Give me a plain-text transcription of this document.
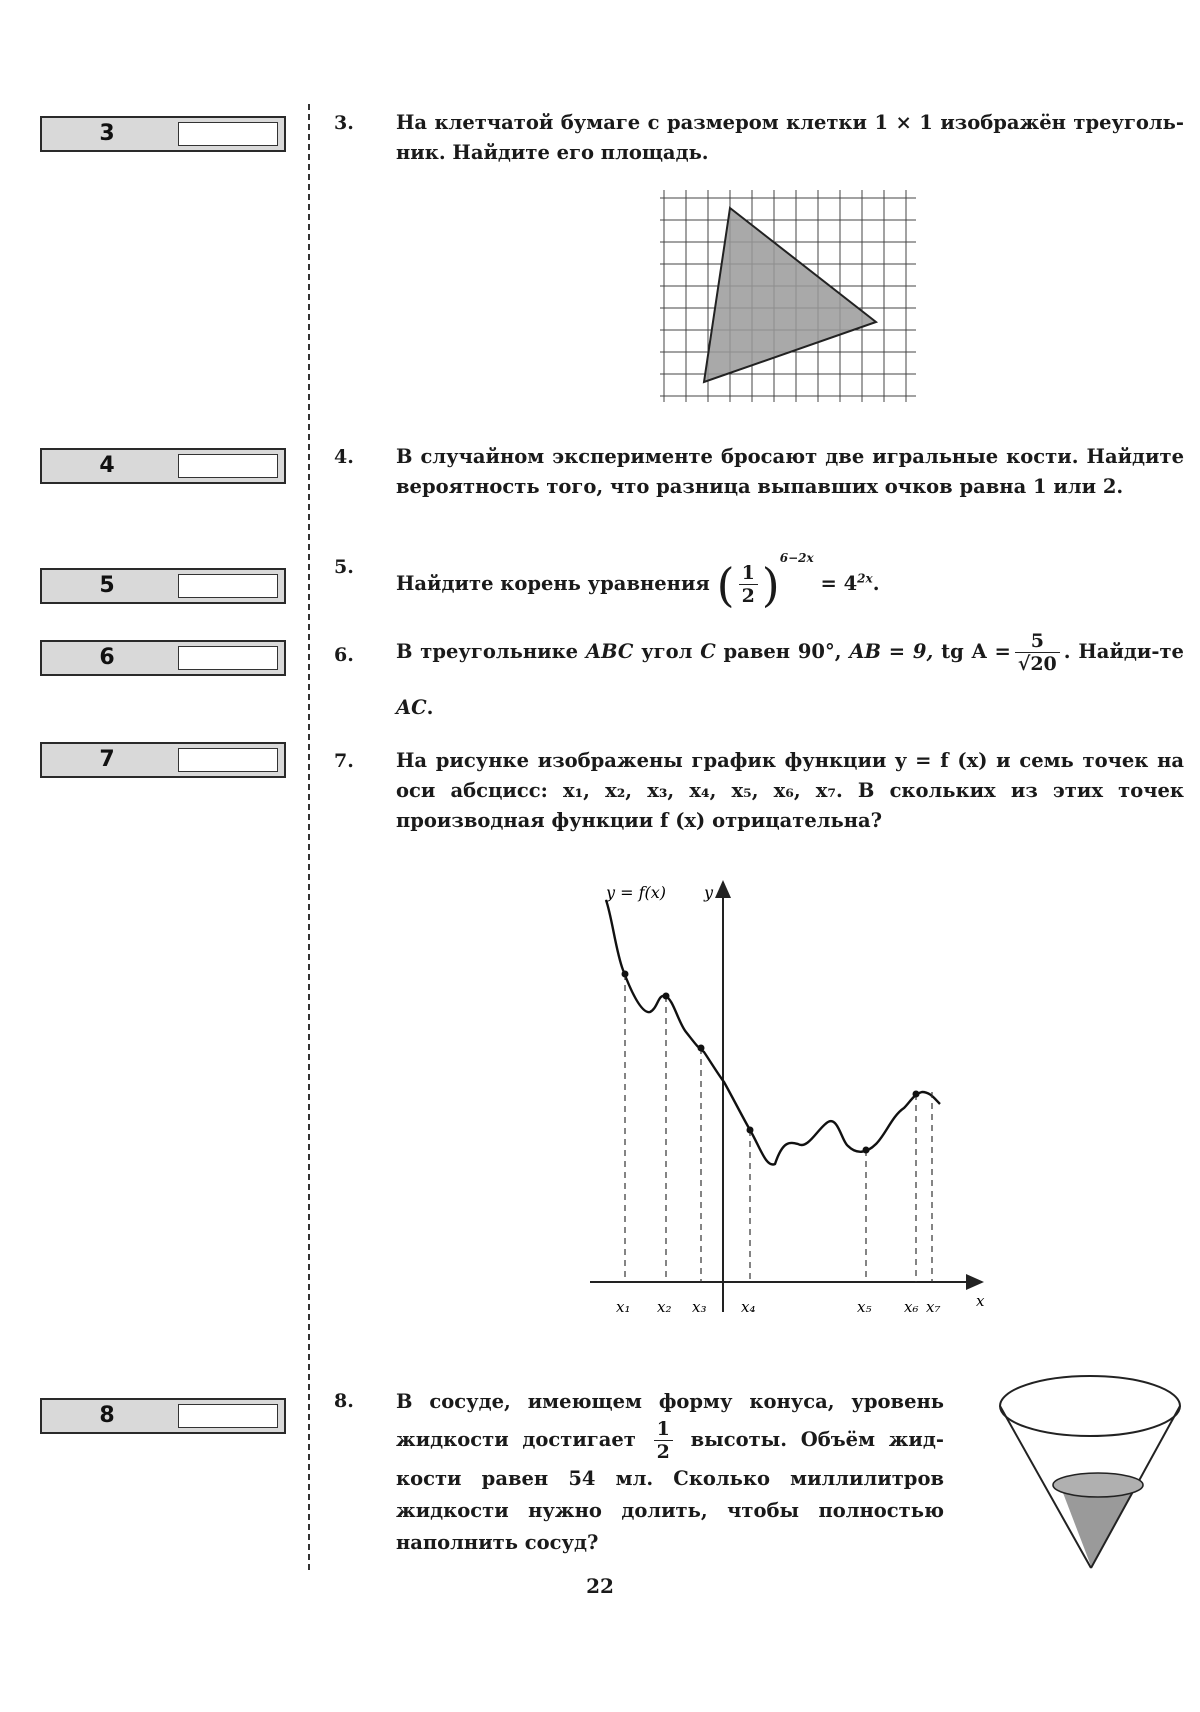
3
4
5
6
7
8
3. На клетчатой бумаге с размером клетки 1 × 1 изображён треуголь-ник. Найдите его площадь.
4. В случайном эксперименте бросают две игральные кости. Найдите вероятность того, что разница выпавших очков равна 1 или 2.
5.
Найдите корень уравнения ( $\frac{1}{2} )^{6-2x} = 4^{2x}$.
6. В треугольнике ABC угол C равен 90°, AB = 9, tg $A = \frac{5}{√20}$ . Найди-те AC.
7. На рисунке изображены график функции y = f (x) и семь точек на оси абсцисс: x₁, x₂, x₃, x₄, x₅, x₆, x₇. В скольких из этих точек производная функции f (x) отрицательна?
y = f(x) y
x
x₁ x₂ x₃ x₄	x₅ x₆ x₇
8. В сосуде, имеющем форму конуса, уровень жидкости достигает $\frac{1}{2}$ высоты. Объём жид-кости равен 54 мл. Сколько миллилитров жидкости нужно долить, чтобы полностью наполнить сосуд?
22
